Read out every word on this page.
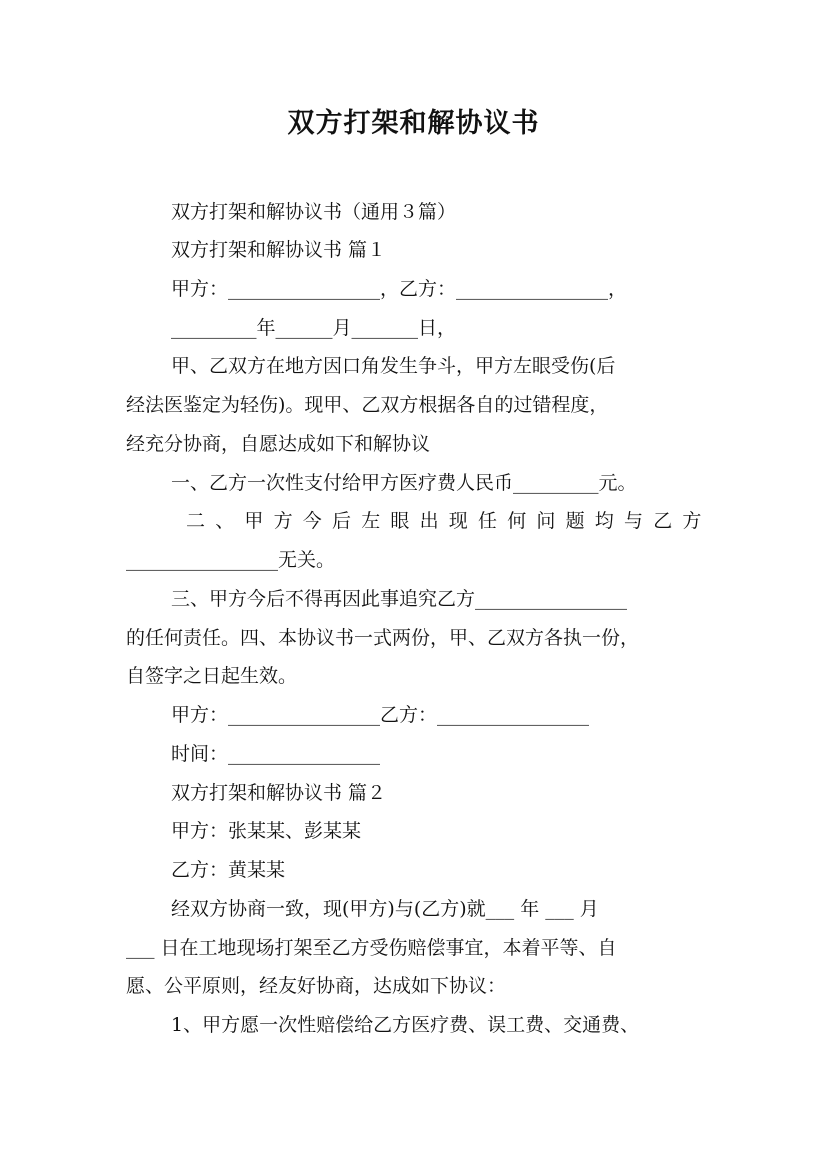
双方打架和解协议书
双方打架和解协议书（通用３篇）
双方打架和解协议书 篇１
甲方：________________，乙方：________________，
_________年______月_______日，
甲、乙双方在地方因口角发生争斗，甲方左眼受伤(后
经法医鉴定为轻伤)。现甲、乙双方根据各自的过错程度，
经充分协商，自愿达成如下和解协议
一、乙方一次性支付给甲方医疗费人民币_________元。
二、甲方今后左眼出现任何问题均与乙方
________________无关。
三、甲方今后不得再因此事追究乙方________________
的任何责任。四、本协议书一式两份，甲、乙双方各执一份，
自签字之日起生效。
甲方：________________乙方：________________
时间：________________
双方打架和解协议书 篇２
甲方：张某某、彭某某
乙方：黄某某
经双方协商一致，现(甲方)与(乙方)就___ 年 ___ 月
___ 日在工地现场打架至乙方受伤赔偿事宜，本着平等、自
愿、公平原则，经友好协商，达成如下协议：
1、甲方愿一次性赔偿给乙方医疗费、误工费、交通费、
